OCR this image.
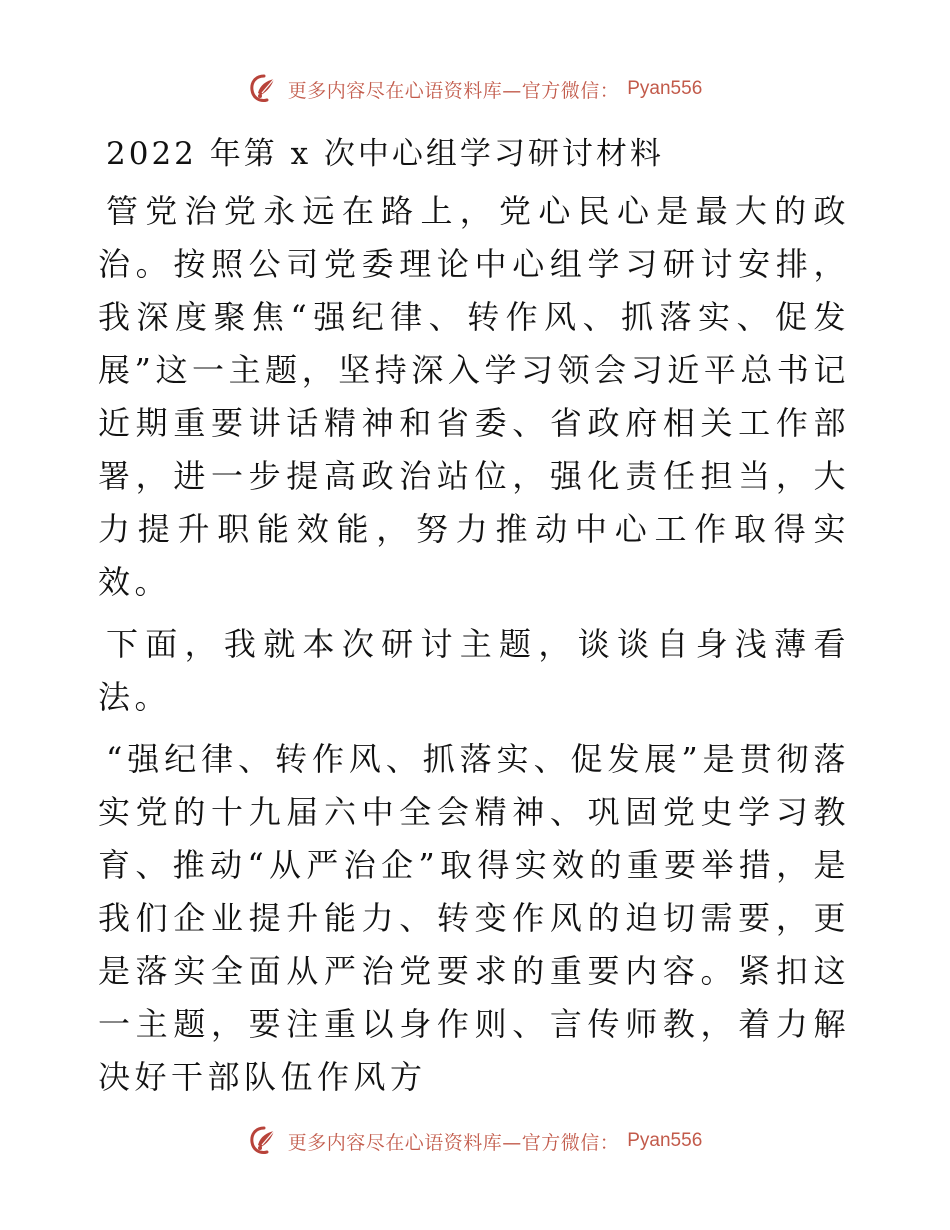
更多内容尽在心语资料库—官方微信： Pyan556
2022 年第 x 次中心组学习研讨材料

管党治党永远在路上，党心民心是最大的政治。按照公司党委理论中心组学习研讨安排，我深度聚焦“强纪律、转作风、抓落实、促发展”这一主题，坚持深入学习领会习近平总书记近期重要讲话精神和省委、省政府相关工作部署，进一步提高政治站位，强化责任担当，大力提升职能效能，努力推动中心工作取得实效。

下面，我就本次研讨主题，谈谈自身浅薄看法。

“强纪律、转作风、抓落实、促发展”是贯彻落实党的十九届六中全会精神、巩固党史学习教育、推动“从严治企”取得实效的重要举措，是我们企业提升能力、转变作风的迫切需要，更是落实全面从严治党要求的重要内容。紧扣这一主题，要注重以身作则、言传师教，着力解决好干部队伍作风方

更多内容尽在心语资料库—官方微信： Pyan556
